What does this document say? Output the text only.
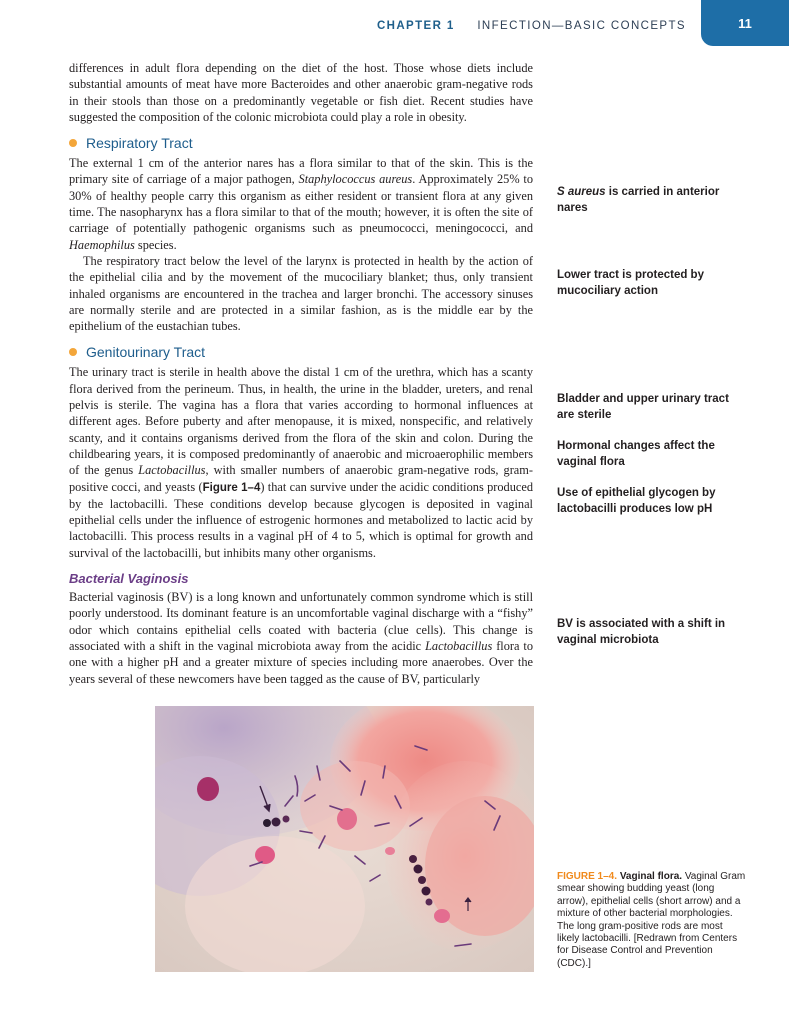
CHAPTER 1 INFECTION—BASIC CONCEPTS	11

differences in adult flora depending on the diet of the host. Those whose diets include substantial amounts of meat have more Bacteroides and other anaerobic gram-negative rods in their stools than those on a predominantly vegetable or fish diet. Recent studies have suggested the composition of the colonic microbiota could play a role in obesity.

Respiratory Tract

The external 1 cm of the anterior nares has a flora similar to that of the skin. This is the primary site of carriage of a major pathogen, Staphylococcus aureus. Approximately 25% to 30% of healthy people carry this organism as either resident or transient flora at any given time. The nasopharynx has a flora similar to that of the mouth; however, it is often the site of carriage of potentially pathogenic organisms such as pneumococci, meningococci, and Haemophilus species.

The respiratory tract below the level of the larynx is protected in health by the action of the epithelial cilia and by the movement of the mucociliary blanket; thus, only transient inhaled organisms are encountered in the trachea and larger bronchi. The accessory sinuses are normally sterile and are protected in a similar fashion, as is the middle ear by the epithelium of the eustachian tubes.

Genitourinary Tract

The urinary tract is sterile in health above the distal 1 cm of the urethra, which has a scanty flora derived from the perineum. Thus, in health, the urine in the bladder, ureters, and renal pelvis is sterile. The vagina has a flora that varies according to hormonal influences at different ages. Before puberty and after menopause, it is mixed, nonspecific, and relatively scanty, and it contains organisms derived from the flora of the skin and colon. During the childbearing years, it is composed predominantly of anaerobic and microaerophilic members of the genus Lactobacillus, with smaller numbers of anaerobic gram-negative rods, gram-positive cocci, and yeasts (Figure 1–4) that can survive under the acidic conditions produced by the lactobacilli. These conditions develop because glycogen is deposited in vaginal epithelial cells under the influence of estrogenic hormones and metabolized to lactic acid by lactobacilli. This process results in a vaginal pH of 4 to 5, which is optimal for growth and survival of the lactobacilli, but inhibits many other organisms.

Bacterial Vaginosis

Bacterial vaginosis (BV) is a long known and unfortunately common syndrome which is still poorly understood. Its dominant feature is an uncomfortable vaginal discharge with a “fishy” odor which contains epithelial cells coated with bacteria (clue cells). This change is associated with a shift in the vaginal microbiota away from the acidic Lactobacillus flora to one with a higher pH and a greater mixture of species including more anaerobes. Over the years several of these newcomers have been tagged as the cause of BV, particularly

S aureus is carried in anterior nares
Lower tract is protected by mucociliary action
Bladder and upper urinary tract are sterile
Hormonal changes affect the vaginal flora
Use of epithelial glycogen by lactobacilli produces low pH
BV is associated with a shift in vaginal microbiota
FIGURE 1–4. Vaginal flora. Vaginal Gram smear showing budding yeast (long arrow), epithelial cells (short arrow) and a mixture of other bacterial morphologies. The long gram-positive rods are most likely lactobacilli. [Redrawn from Centers for Disease Control and Prevention (CDC).]
